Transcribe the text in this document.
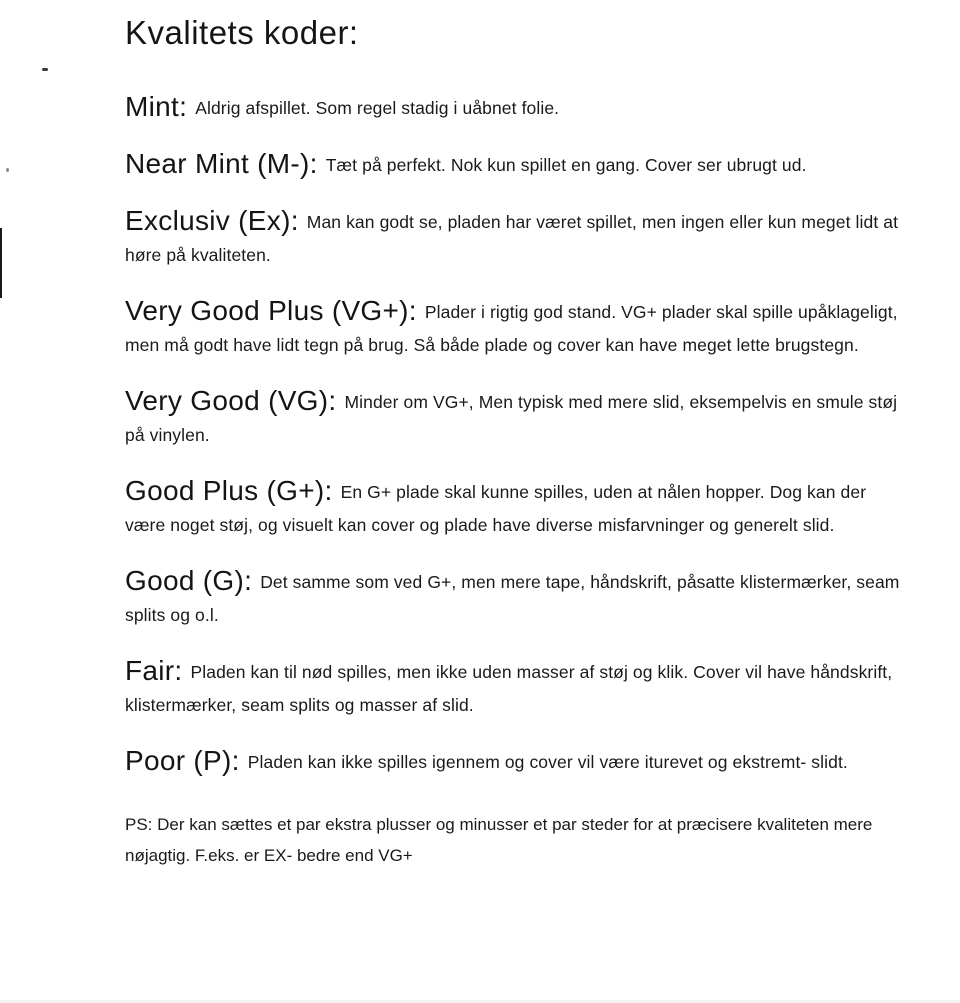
Kvalitets koder:

Mint: Aldrig afspillet. Som regel stadig i uåbnet folie.

Near Mint (M-): Tæt på perfekt. Nok kun spillet en gang. Cover ser ubrugt ud.

Exclusiv (Ex): Man kan godt se, pladen har været spillet, men ingen eller kun meget lidt at høre på kvaliteten.

Very Good Plus (VG+): Plader i rigtig god stand. VG+ plader skal spille upåklageligt, men må godt have lidt tegn på brug. Så både plade og cover kan have meget lette brugstegn.

Very Good (VG): Minder om VG+, Men typisk med mere slid, eksempelvis en smule støj på vinylen.

Good Plus (G+): En G+ plade skal kunne spilles, uden at nålen hopper. Dog kan der være noget støj, og visuelt kan cover og plade have diverse misfarvninger og generelt slid.

Good (G): Det samme som ved G+, men mere tape, håndskrift, påsatte klistermærker, seam splits og o.l.

Fair: Pladen kan til nød spilles, men ikke uden masser af støj og klik. Cover vil have håndskrift, klistermærker, seam splits og masser af slid.

Poor (P): Pladen kan ikke spilles igennem og cover vil være iturevet og ekstremt- slidt.

PS: Der kan sættes et par ekstra plusser og minusser et par steder for at præcisere kvaliteten mere nøjagtig. F.eks. er EX- bedre end VG+
